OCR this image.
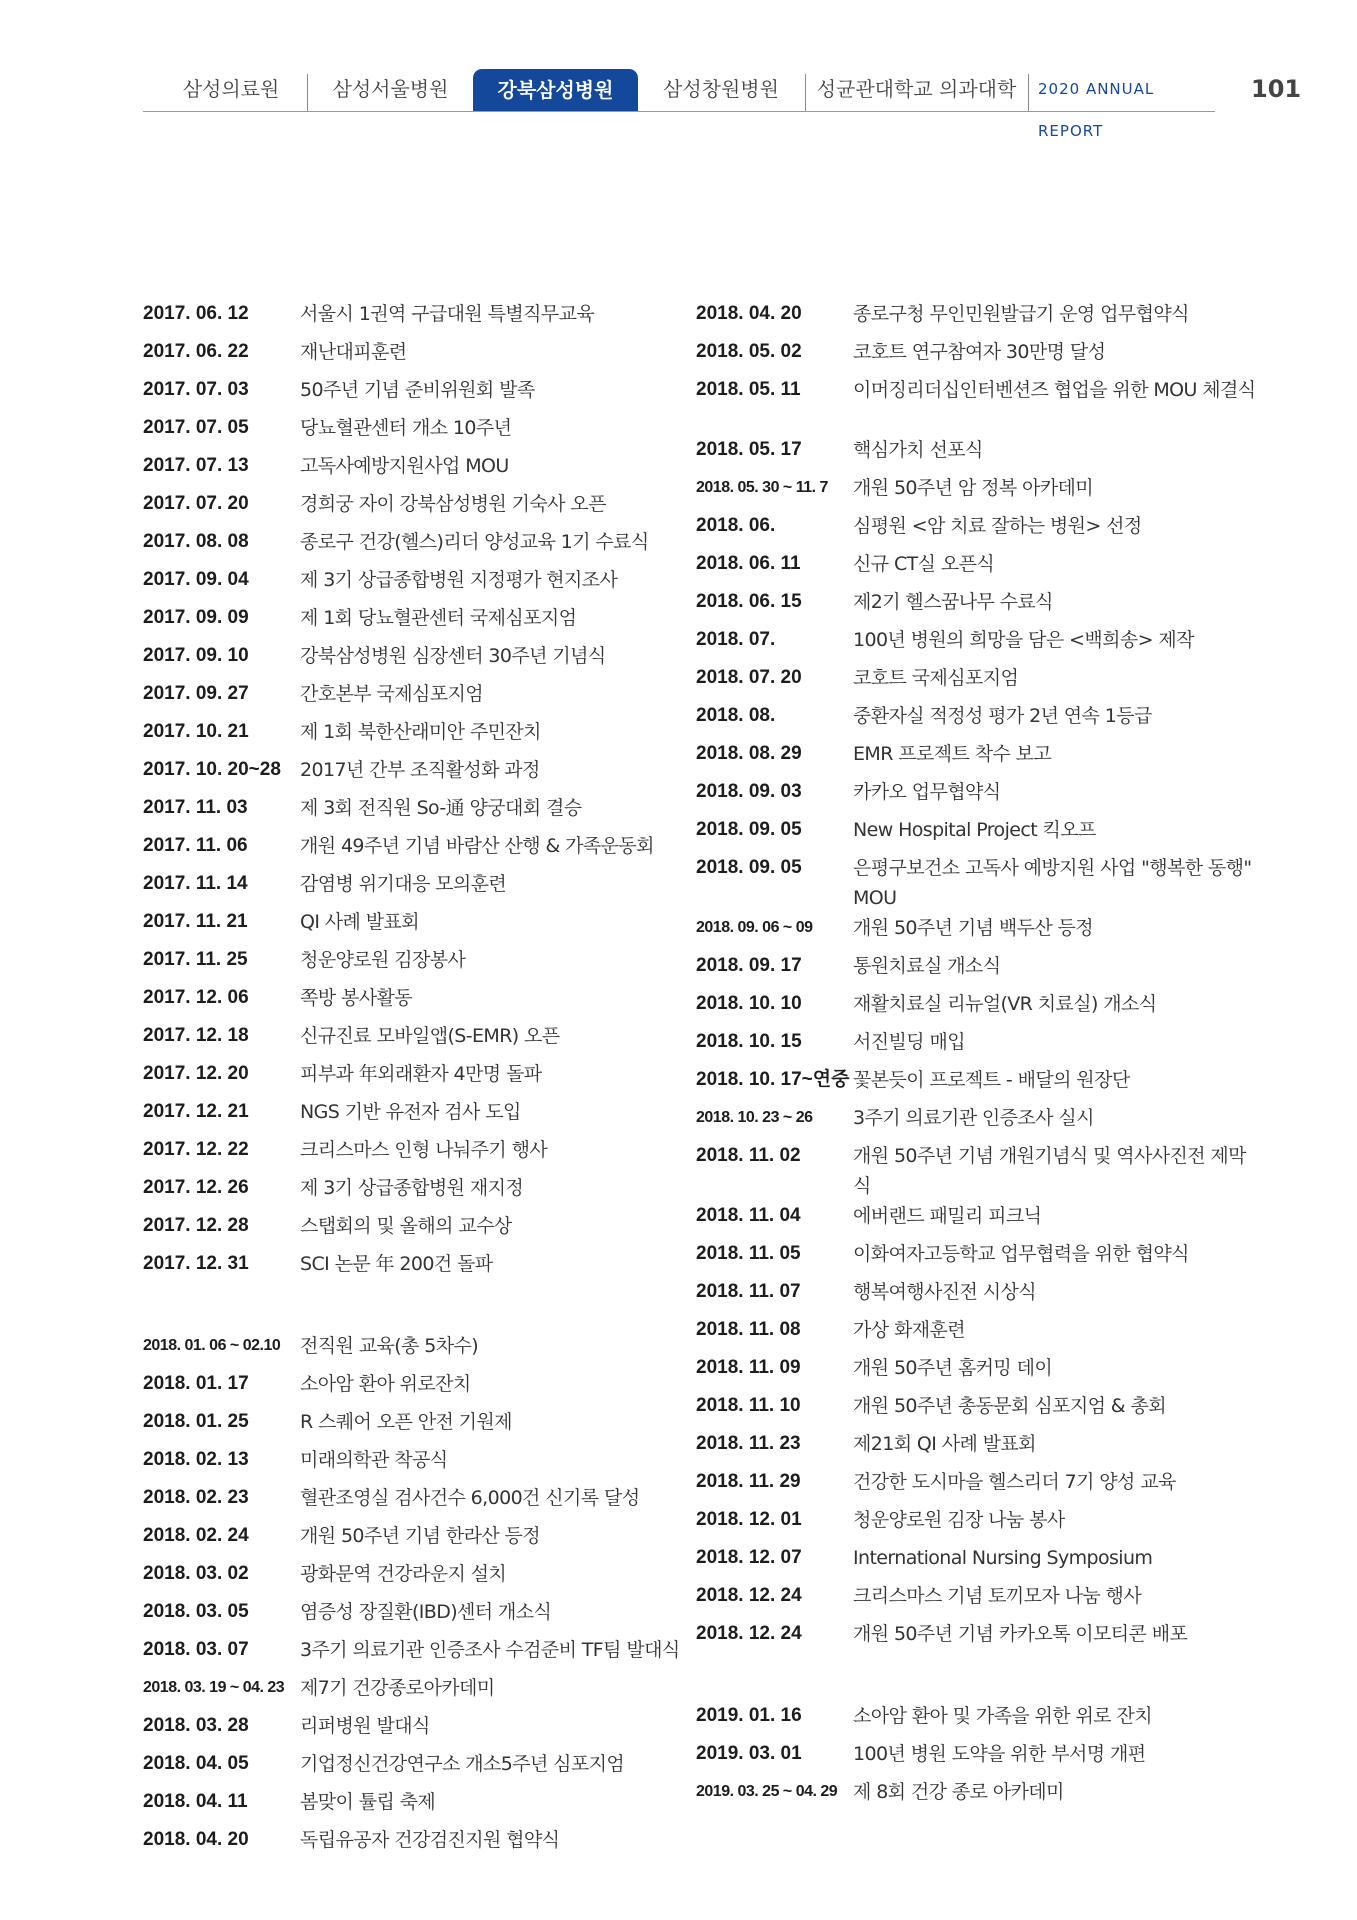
삼성의료원	삼성서울병원	강북삼성병원	삼성창원병원	성균관대학교 의과대학	2020 ANNUAL REPORT
101
2017. 06. 12	서울시 1권역 구급대원 특별직무교육
2017. 06. 22	재난대피훈련
2017. 07. 03	50주년 기념 준비위원회 발족
2017. 07. 05	당뇨혈관센터 개소 10주년
2017. 07. 13	고독사예방지원사업 MOU
2017. 07. 20	경희궁 자이 강북삼성병원 기숙사 오픈
2017. 08. 08	종로구 건강(헬스)리더 양성교육 1기 수료식
2017. 09. 04	제 3기 상급종합병원 지정평가 현지조사
2017. 09. 09	제 1회 당뇨혈관센터 국제심포지엄
2017. 09. 10	강북삼성병원 심장센터 30주년 기념식
2017. 09. 27	간호본부 국제심포지엄
2017. 10. 21	제 1회 북한산래미안 주민잔치
2017. 10. 20~28	2017년 간부 조직활성화 과정
2017. 11. 03	제 3회 전직원 So-通 양궁대회 결승
2017. 11. 06	개원 49주년 기념 바람산 산행 & 가족운동회
2017. 11. 14	감염병 위기대응 모의훈련
2017. 11. 21	QI 사례 발표회
2017. 11. 25	청운양로원 김장봉사
2017. 12. 06	쪽방 봉사활동
2017. 12. 18	신규진료 모바일앱(S-EMR) 오픈
2017. 12. 20	피부과 年외래환자 4만명 돌파
2017. 12. 21	NGS 기반 유전자 검사 도입
2017. 12. 22	크리스마스 인형 나눠주기 행사
2017. 12. 26	제 3기 상급종합병원 재지정
2017. 12. 28	스탭회의 및 올해의 교수상
2017. 12. 31	SCI 논문 年 200건 돌파
2018. 01. 06 ~ 02.10	전직원 교육(총 5차수)
2018. 01. 17	소아암 환아 위로잔치
2018. 01. 25	R 스퀘어 오픈 안전 기원제
2018. 02. 13	미래의학관 착공식
2018. 02. 23	혈관조영실 검사건수 6,000건 신기록 달성
2018. 02. 24	개원 50주년 기념 한라산 등정
2018. 03. 02	광화문역 건강라운지 설치
2018. 03. 05	염증성 장질환(IBD)센터 개소식
2018. 03. 07	3주기 의료기관 인증조사 수검준비 TF팀 발대식
2018. 03. 19 ~ 04. 23 제7기 건강종로아카데미
2018. 03. 28	리퍼병원 발대식
2018. 04. 05	기업정신건강연구소 개소5주년 심포지엄
2018. 04. 11	봄맞이 튤립 축제
2018. 04. 20	독립유공자 건강검진지원 협약식
2018. 04. 20	종로구청 무인민원발급기 운영 업무협약식
2018. 05. 02	코호트 연구참여자 30만명 달성
2018. 05. 11	이머징리더십인터벤션즈 협업을 위한 MOU 체결식
2018. 05. 17	핵심가치 선포식
2018. 05. 30 ~ 11. 7	개원 50주년 암 정복 아카데미
2018. 06.	심평원 <암 치료 잘하는 병원> 선정
2018. 06. 11	신규 CT실 오픈식
2018. 06. 15	제2기 헬스꿈나무 수료식
2018. 07.	100년 병원의 희망을 담은 <백희송> 제작
2018. 07. 20	코호트 국제심포지엄
2018. 08.	중환자실 적정성 평가 2년 연속 1등급
2018. 08. 29	EMR 프로젝트 착수 보고
2018. 09. 03	카카오 업무협약식
2018. 09. 05	New Hospital Project 킥오프
2018. 09. 05	은평구보건소 고독사 예방지원 사업 "행복한 동행" MOU
2018. 09. 06 ~ 09	개원 50주년 기념 백두산 등정
2018. 09. 17	통원치료실 개소식
2018. 10. 10	재활치료실 리뉴얼(VR 치료실) 개소식
2018. 10. 15	서진빌딩 매입
2018. 10. 17~연중 꽃본듯이 프로젝트 - 배달의 원장단
2018. 10. 23 ~ 26	3주기 의료기관 인증조사 실시
2018. 11. 02	개원 50주년 기념 개원기념식 및 역사사진전 제막식
2018. 11. 04	에버랜드 패밀리 피크닉
2018. 11. 05	이화여자고등학교 업무협력을 위한 협약식
2018. 11. 07	행복여행사진전 시상식
2018. 11. 08	가상 화재훈련
2018. 11. 09	개원 50주년 홈커밍 데이
2018. 11. 10	개원 50주년 총동문회 심포지엄 & 총회
2018. 11. 23	제21회 QI 사례 발표회
2018. 11. 29	건강한 도시마을 헬스리더 7기 양성 교육
2018. 12. 01	청운양로원 김장 나눔 봉사
2018. 12. 07	International Nursing Symposium
2018. 12. 24	크리스마스 기념 토끼모자 나눔 행사
2018. 12. 24	개원 50주년 기념 카카오톡 이모티콘 배포
2019. 01. 16	소아암 환아 및 가족을 위한 위로 잔치
2019. 03. 01	100년 병원 도약을 위한 부서명 개편
2019. 03. 25 ~ 04. 29 제 8회 건강 종로 아카데미
